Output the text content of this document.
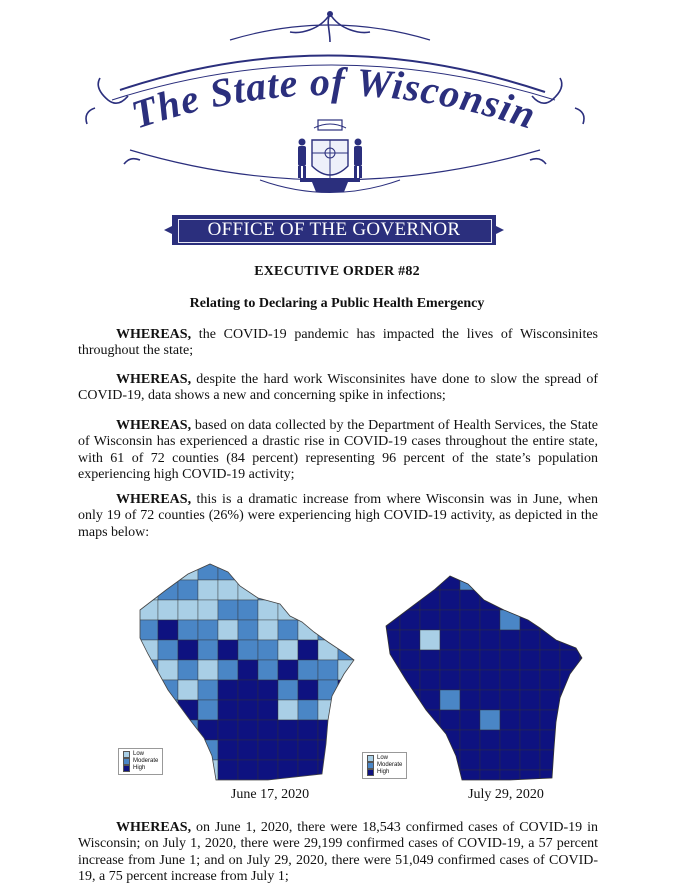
The State of Wisconsin
OFFICE OF THE GOVERNOR
EXECUTIVE ORDER #82
Relating to Declaring a Public Health Emergency
WHEREAS, the COVID-19 pandemic has impacted the lives of Wisconsinites throughout the state;
WHEREAS, despite the hard work Wisconsinites have done to slow the spread of COVID-19, data shows a new and concerning spike in infections;
WHEREAS, based on data collected by the Department of Health Services, the State of Wisconsin has experienced a drastic rise in COVID-19 cases throughout the entire state, with 61 of 72 counties (84 percent) representing 96 percent of the state’s population experiencing high COVID-19 activity;
WHEREAS, this is a dramatic increase from where Wisconsin was in June, when only 19 of 72 counties (26%) were experiencing high COVID-19 activity, as depicted in the maps below:
Low
Moderate
High
Low
Moderate
High
June 17, 2020	July 29, 2020
WHEREAS, on June 1, 2020, there were 18,543 confirmed cases of COVID-19 in Wisconsin; on July 1, 2020, there were 29,199 confirmed cases of COVID-19, a 57 percent increase from June 1; and on July 29, 2020, there were 51,049 confirmed cases of COVID-19, a 75 percent increase from July 1;
